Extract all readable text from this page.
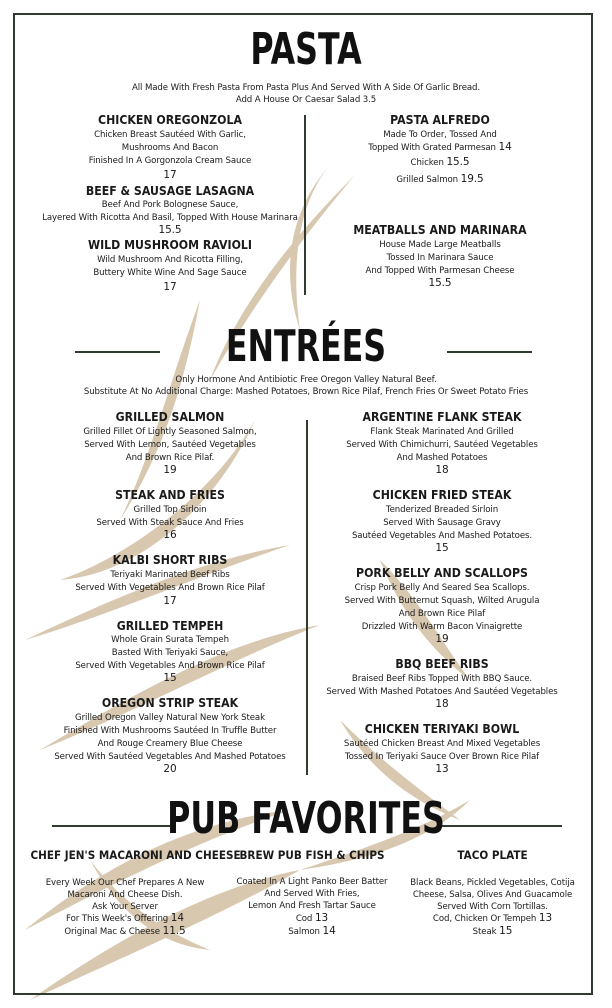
PASTA
All Made With Fresh Pasta From Pasta Plus And Served With A Side Of Garlic Bread.
Add A House Or Caesar Salad 3.5
CHICKEN OREGONZOLA
Chicken Breast Sautéed With Garlic,
Mushrooms And Bacon
Finished In A Gorgonzola Cream Sauce
17
BEEF & SAUSAGE LASAGNA
Beef And Pork Bolognese Sauce,
Layered With Ricotta And Basil, Topped With House Marinara
15.5
WILD MUSHROOM RAVIOLI
Wild Mushroom And Ricotta Filling,
Buttery White Wine And Sage Sauce
17
PASTA ALFREDO
Made To Order, Tossed And
Topped With Grated Parmesan 14
Chicken 15.5
Grilled Salmon 19.5
MEATBALLS AND MARINARA
House Made Large Meatballs
Tossed In Marinara Sauce
And Topped With Parmesan Cheese
15.5
ENTRÉES
Only Hormone And Antibiotic Free Oregon Valley Natural Beef.
Substitute At No Additional Charge: Mashed Potatoes, Brown Rice Pilaf, French Fries Or Sweet Potato Fries
GRILLED SALMON
Grilled Fillet Of Lightly Seasoned Salmon,
Served With Lemon, Sautéed Vegetables
And Brown Rice Pilaf.
19
STEAK AND FRIES
Grilled Top Sirloin
Served With Steak Sauce And Fries
16
KALBI SHORT RIBS
Teriyaki Marinated Beef Ribs
Served With Vegetables And Brown Rice Pilaf
17
GRILLED TEMPEH
Whole Grain Surata Tempeh
Basted With Teriyaki Sauce,
Served With Vegetables And Brown Rice Pilaf
15
OREGON STRIP STEAK
Grilled Oregon Valley Natural New York Steak
Finished With Mushrooms Sautéed In Truffle Butter
And Rouge Creamery Blue Cheese
Served With Sautéed Vegetables And Mashed Potatoes
20
ARGENTINE FLANK STEAK
Flank Steak Marinated And Grilled
Served With Chimichurri, Sautéed Vegetables
And Mashed Potatoes
18
CHICKEN FRIED STEAK
Tenderized Breaded Sirloin
Served With Sausage Gravy
Sautéed Vegetables And Mashed Potatoes.
15
PORK BELLY AND SCALLOPS
Crisp Pork Belly And Seared Sea Scallops.
Served With Butternut Squash, Wilted Arugula
And Brown Rice Pilaf
Drizzled With Warm Bacon Vinaigrette
19
BBQ BEEF RIBS
Braised Beef Ribs Topped With BBQ Sauce.
Served With Mashed Potatoes And Sautéed Vegetables
18
CHICKEN TERIYAKI BOWL
Sautéed Chicken Breast And Mixed Vegetables
Tossed In Teriyaki Sauce Over Brown Rice Pilaf
13
PUB FAVORITES
CHEF JEN'S MACARONI AND CHEESE
Every Week Our Chef Prepares A New
Macaroni And Cheese Dish.
Ask Your Server
For This Week's Offering 14
Original Mac & Cheese 11.5
BREW PUB FISH & CHIPS
Coated In A Light Panko Beer Batter
And Served With Fries,
Lemon And Fresh Tartar Sauce
Cod 13
Salmon 14
TACO PLATE
Black Beans, Pickled Vegetables, Cotija
Cheese, Salsa, Olives And Guacamole
Served With Corn Tortillas.
Cod, Chicken Or Tempeh 13
Steak 15
